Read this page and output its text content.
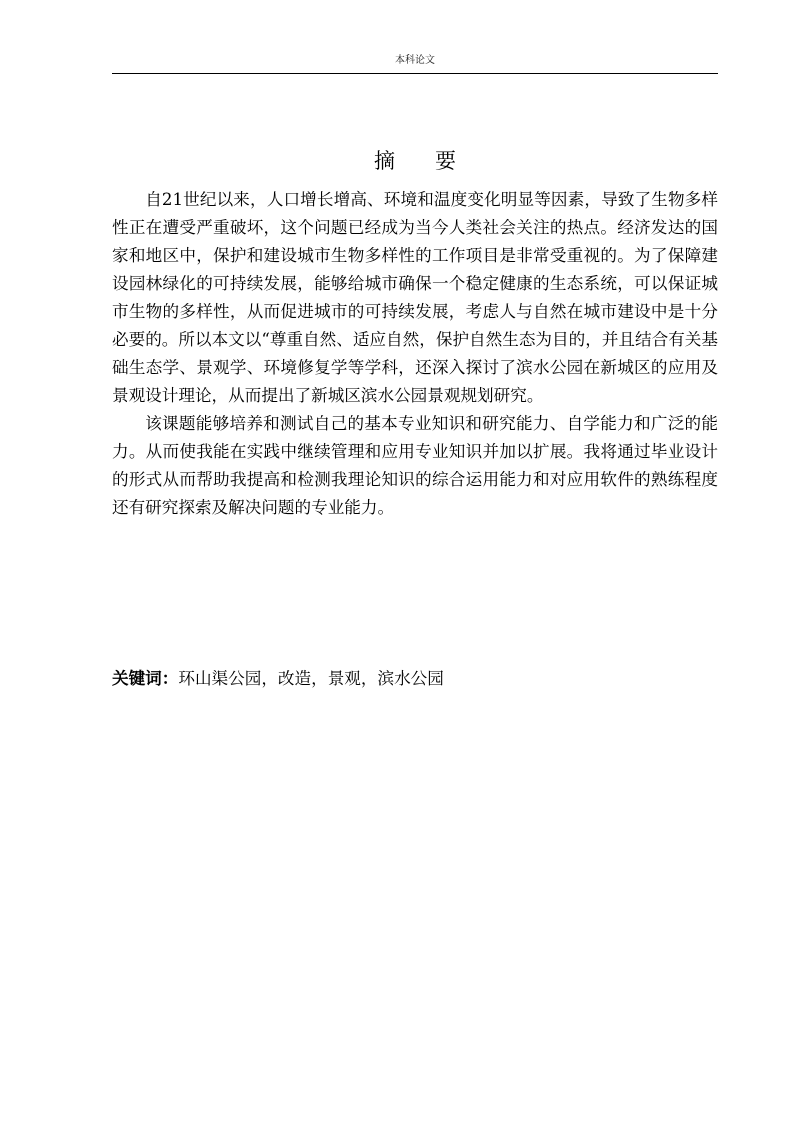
本科论文
摘 要

自21世纪以来，人口增长增高、环境和温度变化明显等因素，导致了生物多样性正在遭受严重破坏，这个问题已经成为当今人类社会关注的热点。经济发达的国家和地区中，保护和建设城市生物多样性的工作项目是非常受重视的。为了保障建设园林绿化的可持续发展，能够给城市确保一个稳定健康的生态系统，可以保证城市生物的多样性，从而促进城市的可持续发展，考虑人与自然在城市建设中是十分必要的。所以本文以“尊重自然、适应自然，保护自然生态为目的，并且结合有关基础生态学、景观学、环境修复学等学科，还深入探讨了滨水公园在新城区的应用及景观设计理论，从而提出了新城区滨水公园景观规划研究。

该课题能够培养和测试自己的基本专业知识和研究能力、自学能力和广泛的能力。从而使我能在实践中继续管理和应用专业知识并加以扩展。我将通过毕业设计的形式从而帮助我提高和检测我理论知识的综合运用能力和对应用软件的熟练程度还有研究探索及解决问题的专业能力。

关键词：环山渠公园，改造，景观，滨水公园
